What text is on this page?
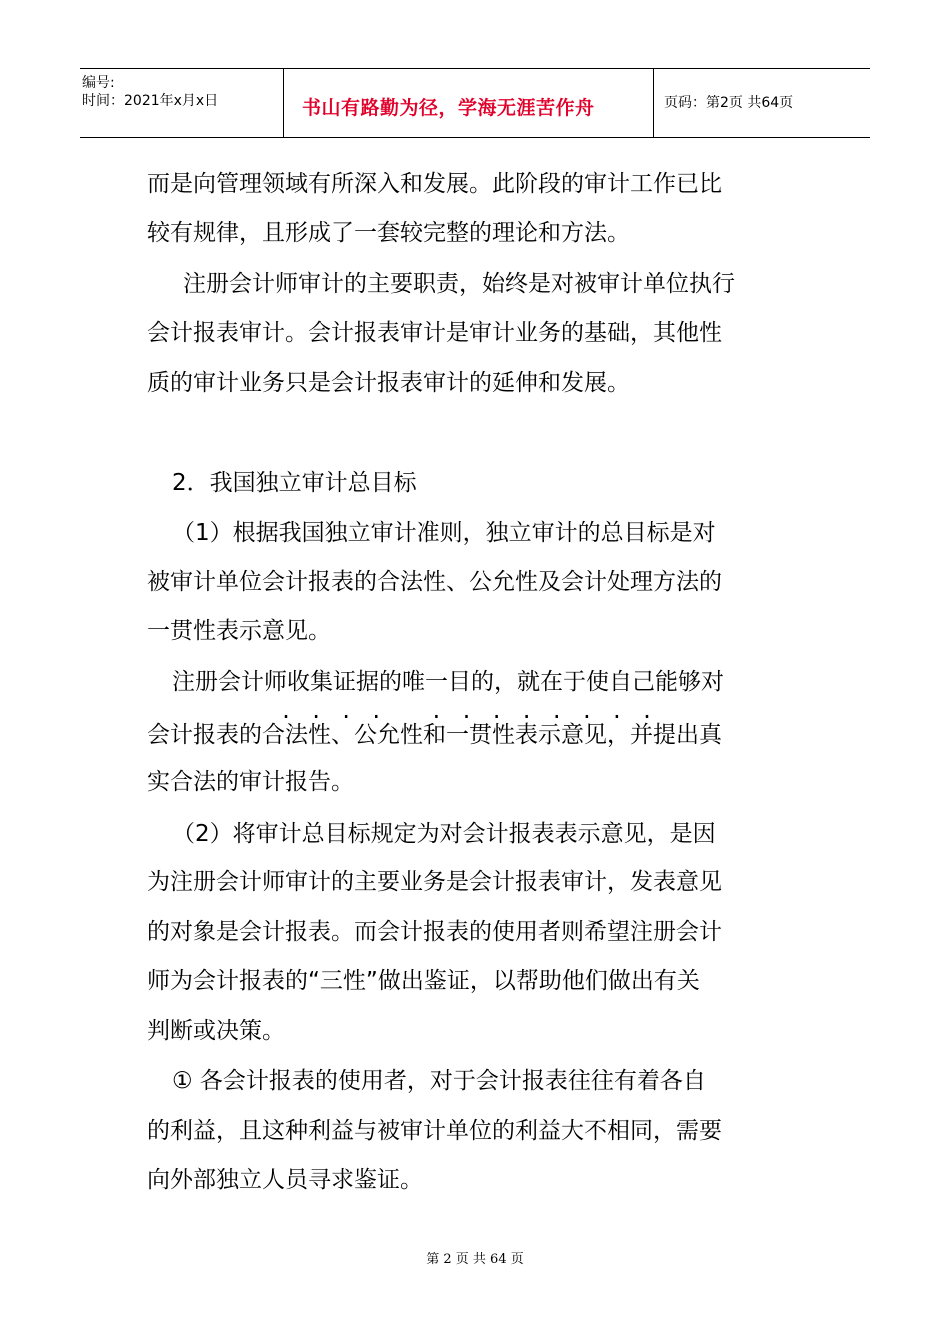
编号:
时间：2021年x月x日	书山有路勤为径，学海无涯苦作舟	页码：第2页 共64页
而是向管理领域有所深入和发展。此阶段的审计工作已比
较有规律，且形成了一套较完整的理论和方法。
注册会计师审计的主要职责，始终是对被审计单位执行
会计报表审计。会计报表审计是审计业务的基础，其他性
质的审计业务只是会计报表审计的延伸和发展。
2．我国独立审计总目标
（1）根据我国独立审计准则，独立审计的总目标是对
被审计单位会计报表的合法性、公允性及会计处理方法的
一贯性表示意见。
注册会计师收集证据的唯一目的，就在于使自己能够对
. . . .   . . . . . . . .
会计报表的合法性、公允性和一贯性表示意见，并提出真
实合法的审计报告。
（2）将审计总目标规定为对会计报表表示意见，是因
为注册会计师审计的主要业务是会计报表审计，发表意见
的对象是会计报表。而会计报表的使用者则希望注册会计
师为会计报表的“三性”做出鉴证，以帮助他们做出有关
判断或决策。
① 各会计报表的使用者，对于会计报表往往有着各自
的利益，且这种利益与被审计单位的利益大不相同，需要
向外部独立人员寻求鉴证。
第 2 页 共 64 页
